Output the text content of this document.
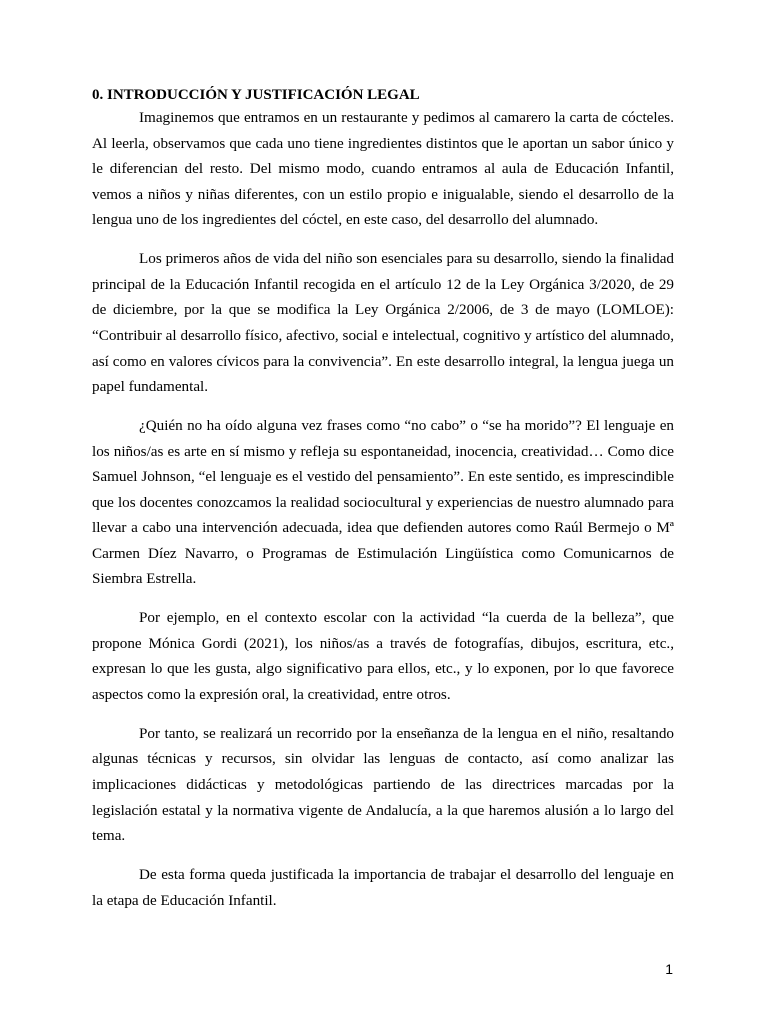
0. INTRODUCCIÓN Y JUSTIFICACIÓN LEGAL

Imaginemos que entramos en un restaurante y pedimos al camarero la carta de cócteles. Al leerla, observamos que cada uno tiene ingredientes distintos que le aportan un sabor único y le diferencian del resto. Del mismo modo, cuando entramos al aula de Educación Infantil, vemos a niños y niñas diferentes, con un estilo propio e inigualable, siendo el desarrollo de la lengua uno de los ingredientes del cóctel, en este caso, del desarrollo del alumnado.

Los primeros años de vida del niño son esenciales para su desarrollo, siendo la finalidad principal de la Educación Infantil recogida en el artículo 12 de la Ley Orgánica 3/2020, de 29 de diciembre, por la que se modifica la Ley Orgánica 2/2006, de 3 de mayo (LOMLOE): “Contribuir al desarrollo físico, afectivo, social e intelectual, cognitivo y artístico del alumnado, así como en valores cívicos para la convivencia”. En este desarrollo integral, la lengua juega un papel fundamental.

¿Quién no ha oído alguna vez frases como “no cabo” o “se ha morido”? El lenguaje en los niños/as es arte en sí mismo y refleja su espontaneidad, inocencia, creatividad… Como dice Samuel Johnson, “el lenguaje es el vestido del pensamiento”. En este sentido, es imprescindible que los docentes conozcamos la realidad sociocultural y experiencias de nuestro alumnado para llevar a cabo una intervención adecuada, idea que defienden autores como Raúl Bermejo o Mª Carmen Díez Navarro, o Programas de Estimulación Lingüística como Comunicarnos de Siembra Estrella.

Por ejemplo, en el contexto escolar con la actividad “la cuerda de la belleza”, que propone Mónica Gordi (2021), los niños/as a través de fotografías, dibujos, escritura, etc., expresan lo que les gusta, algo significativo para ellos, etc., y lo exponen, por lo que favorece aspectos como la expresión oral, la creatividad, entre otros.

Por tanto, se realizará un recorrido por la enseñanza de la lengua en el niño, resaltando algunas técnicas y recursos, sin olvidar las lenguas de contacto, así como analizar las implicaciones didácticas y metodológicas partiendo de las directrices marcadas por la legislación estatal y la normativa vigente de Andalucía, a la que haremos alusión a lo largo del tema.

De esta forma queda justificada la importancia de trabajar el desarrollo del lenguaje en la etapa de Educación Infantil.

1
